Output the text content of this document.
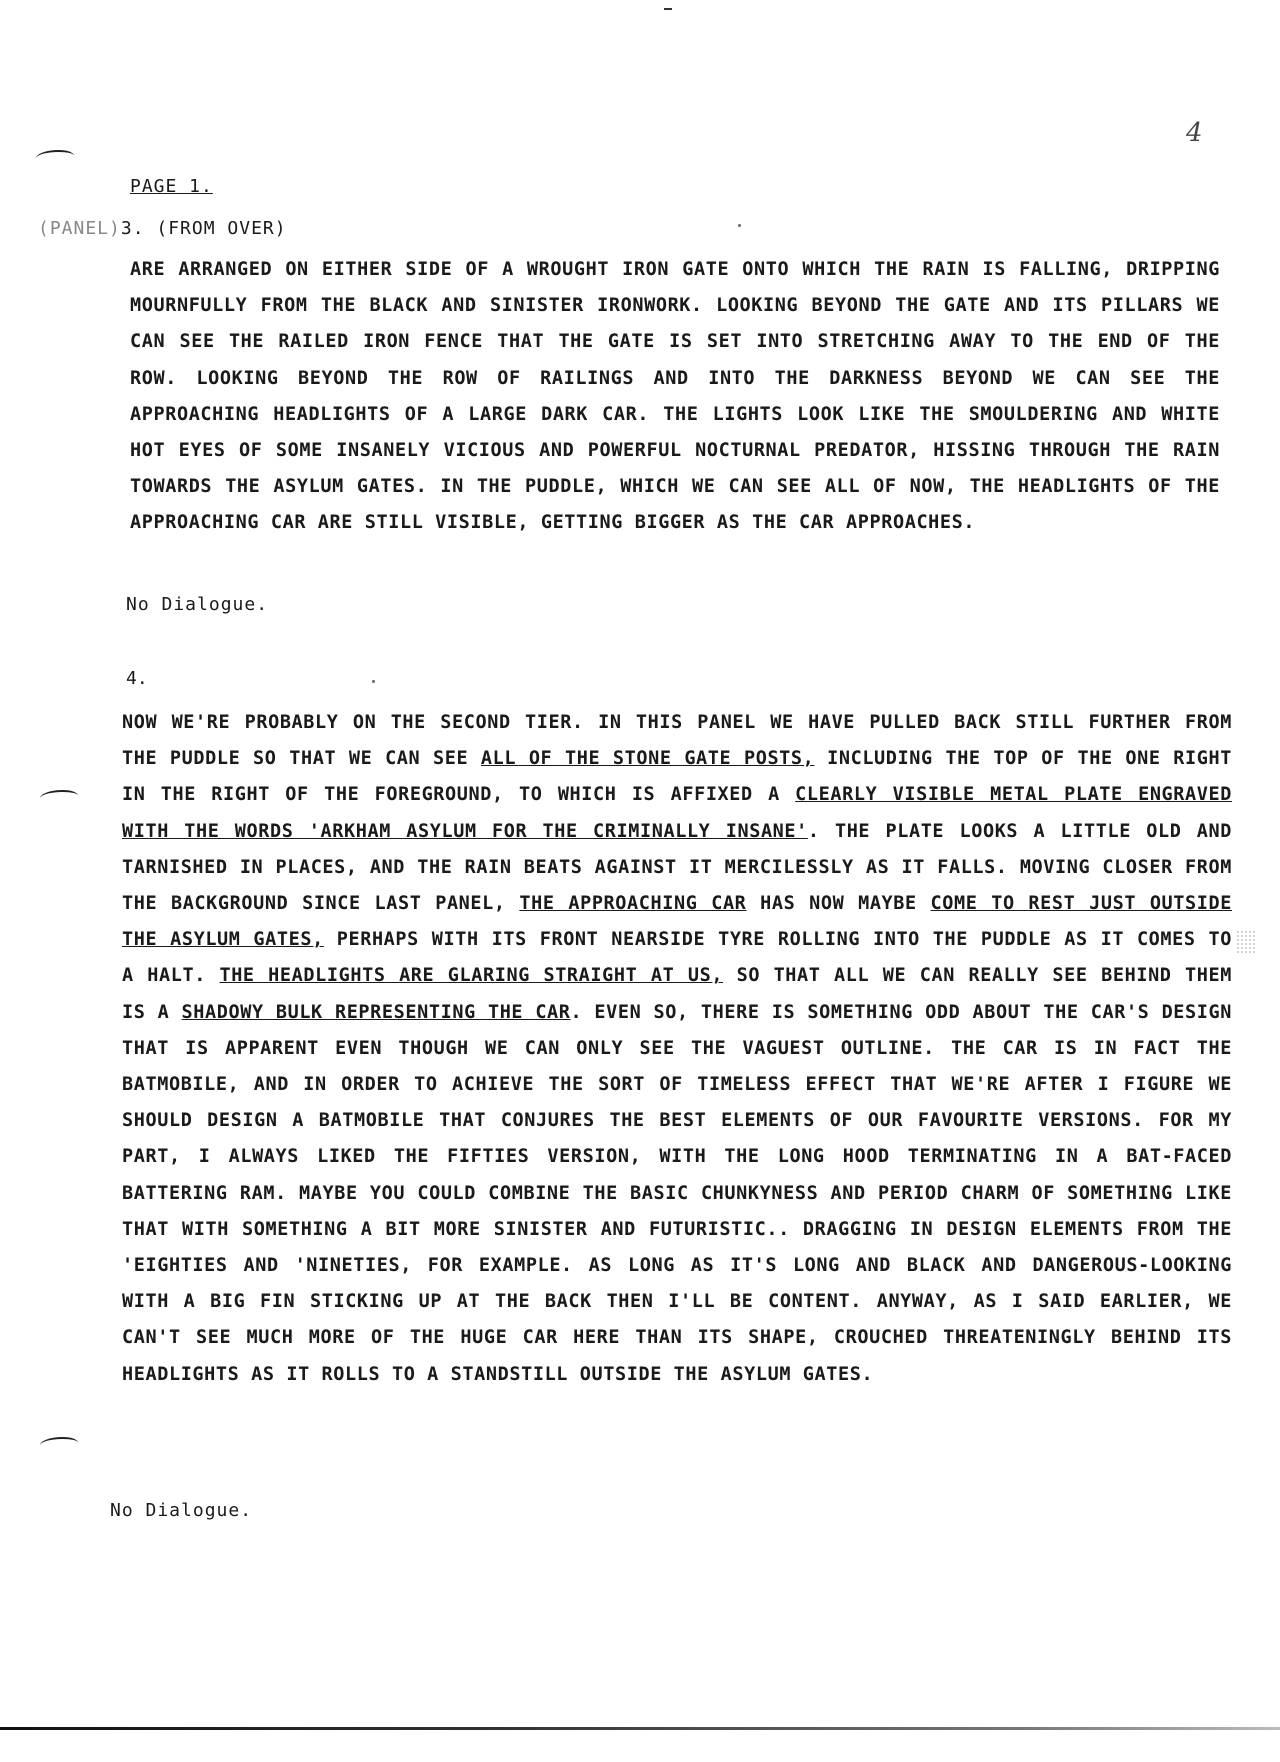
4
PAGE 1.
(PANEL)3. (FROM OVER)
ARE ARRANGED ON EITHER SIDE OF A WROUGHT IRON GATE ONTO WHICH THE RAIN IS FALLING, DRIPPING MOURNFULLY FROM THE BLACK AND SINISTER IRONWORK. LOOKING BEYOND THE GATE AND ITS PILLARS WE CAN SEE THE RAILED IRON FENCE THAT THE GATE IS SET INTO STRETCHING AWAY TO THE END OF THE ROW. LOOKING BEYOND THE ROW OF RAILINGS AND INTO THE DARKNESS BEYOND WE CAN SEE THE APPROACHING HEADLIGHTS OF A LARGE DARK CAR. THE LIGHTS LOOK LIKE THE SMOULDERING AND WHITE HOT EYES OF SOME INSANELY VICIOUS AND POWERFUL NOCTURNAL PREDATOR, HISSING THROUGH THE RAIN TOWARDS THE ASYLUM GATES. IN THE PUDDLE, WHICH WE CAN SEE ALL OF NOW, THE HEADLIGHTS OF THE APPROACHING CAR ARE STILL VISIBLE, GETTING BIGGER AS THE CAR APPROACHES.
No Dialogue.
4.
NOW WE'RE PROBABLY ON THE SECOND TIER. IN THIS PANEL WE HAVE PULLED BACK STILL FURTHER FROM THE PUDDLE SO THAT WE CAN SEE ALL OF THE STONE GATE POSTS, INCLUDING THE TOP OF THE ONE RIGHT IN THE RIGHT OF THE FOREGROUND, TO WHICH IS AFFIXED A CLEARLY VISIBLE METAL PLATE ENGRAVED WITH THE WORDS 'ARKHAM ASYLUM FOR THE CRIMINALLY INSANE'. THE PLATE LOOKS A LITTLE OLD AND TARNISHED IN PLACES, AND THE RAIN BEATS AGAINST IT MERCILESSLY AS IT FALLS. MOVING CLOSER FROM THE BACKGROUND SINCE LAST PANEL, THE APPROACHING CAR HAS NOW MAYBE COME TO REST JUST OUTSIDE THE ASYLUM GATES, PERHAPS WITH ITS FRONT NEARSIDE TYRE ROLLING INTO THE PUDDLE AS IT COMES TO A HALT. THE HEADLIGHTS ARE GLARING STRAIGHT AT US, SO THAT ALL WE CAN REALLY SEE BEHIND THEM IS A SHADOWY BULK REPRESENTING THE CAR. EVEN SO, THERE IS SOMETHING ODD ABOUT THE CAR'S DESIGN THAT IS APPARENT EVEN THOUGH WE CAN ONLY SEE THE VAGUEST OUTLINE. THE CAR IS IN FACT THE BATMOBILE, AND IN ORDER TO ACHIEVE THE SORT OF TIMELESS EFFECT THAT WE'RE AFTER I FIGURE WE SHOULD DESIGN A BATMOBILE THAT CONJURES THE BEST ELEMENTS OF OUR FAVOURITE VERSIONS. FOR MY PART, I ALWAYS LIKED THE FIFTIES VERSION, WITH THE LONG HOOD TERMINATING IN A BAT-FACED BATTERING RAM. MAYBE YOU COULD COMBINE THE BASIC CHUNKYNESS AND PERIOD CHARM OF SOMETHING LIKE THAT WITH SOMETHING A BIT MORE SINISTER AND FUTURISTIC.. DRAGGING IN DESIGN ELEMENTS FROM THE 'EIGHTIES AND 'NINETIES, FOR EXAMPLE. AS LONG AS IT'S LONG AND BLACK AND DANGEROUS-LOOKING WITH A BIG FIN STICKING UP AT THE BACK THEN I'LL BE CONTENT. ANYWAY, AS I SAID EARLIER, WE CAN'T SEE MUCH MORE OF THE HUGE CAR HERE THAN ITS SHAPE, CROUCHED THREATENINGLY BEHIND ITS HEADLIGHTS AS IT ROLLS TO A STANDSTILL OUTSIDE THE ASYLUM GATES.
No Dialogue.
